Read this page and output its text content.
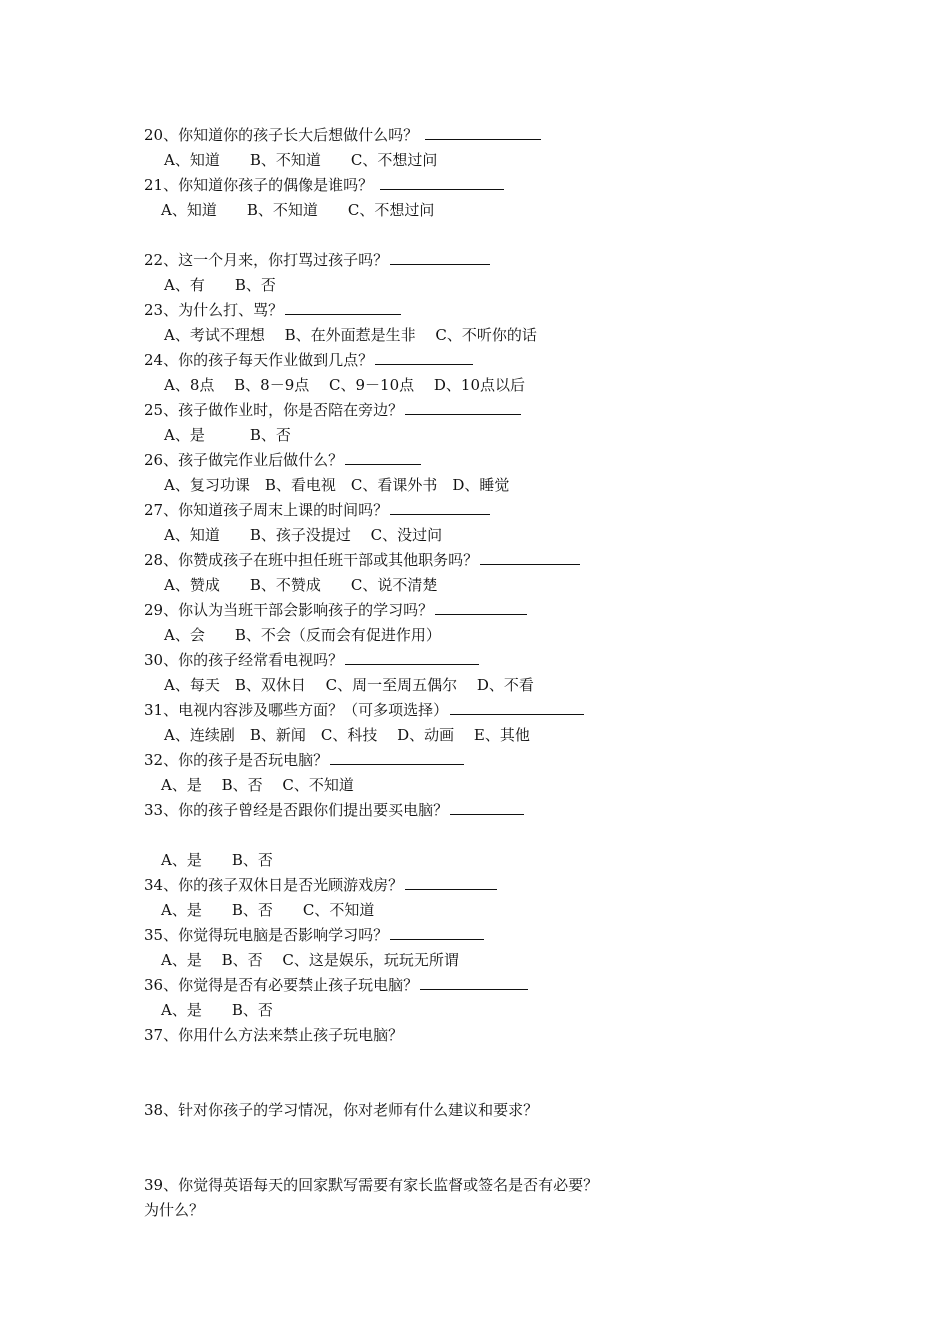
20、你知道你的孩子长大后想做什么吗？
A、知道　　B、不知道　　C、不想过问
21、你知道你孩子的偶像是谁吗？
A、知道　　B、不知道　　C、不想过问
22、这一个月来，你打骂过孩子吗？
A、有　　B、否
23、为什么打、骂？
A、考试不理想　 B、在外面惹是生非　 C、不听你的话
24、你的孩子每天作业做到几点？
A、8点　 B、8－9点　 C、9－10点　 D、10点以后
25、孩子做作业时，你是否陪在旁边？
A、是　　　B、否
26、孩子做完作业后做什么？
A、复习功课　B、看电视　C、看课外书　D、睡觉
27、你知道孩子周末上课的时间吗？
A、知道　　B、孩子没提过　 C、没过问
28、你赞成孩子在班中担任班干部或其他职务吗？
A、赞成　　B、不赞成　　C、说不清楚
29、你认为当班干部会影响孩子的学习吗？
A、会　　B、不会（反而会有促进作用）
30、你的孩子经常看电视吗？
A、每天　B、双休日　 C、周一至周五偶尔　 D、不看
31、电视内容涉及哪些方面？（可多项选择）
A、连续剧　B、新闻　C、科技　 D、动画　 E、其他
32、你的孩子是否玩电脑？
A、是　 B、否　 C、不知道
33、你的孩子曾经是否跟你们提出要买电脑？
A、是　　B、否
34、你的孩子双休日是否光顾游戏房？
A、是　　B、否　　C、不知道
35、你觉得玩电脑是否影响学习吗？
A、是　 B、否　 C、这是娱乐，玩玩无所谓
36、你觉得是否有必要禁止孩子玩电脑？
A、是　　B、否
37、你用什么方法来禁止孩子玩电脑？
38、针对你孩子的学习情况，你对老师有什么建议和要求？
39、你觉得英语每天的回家默写需要有家长监督或签名是否有必要？
为什么？
